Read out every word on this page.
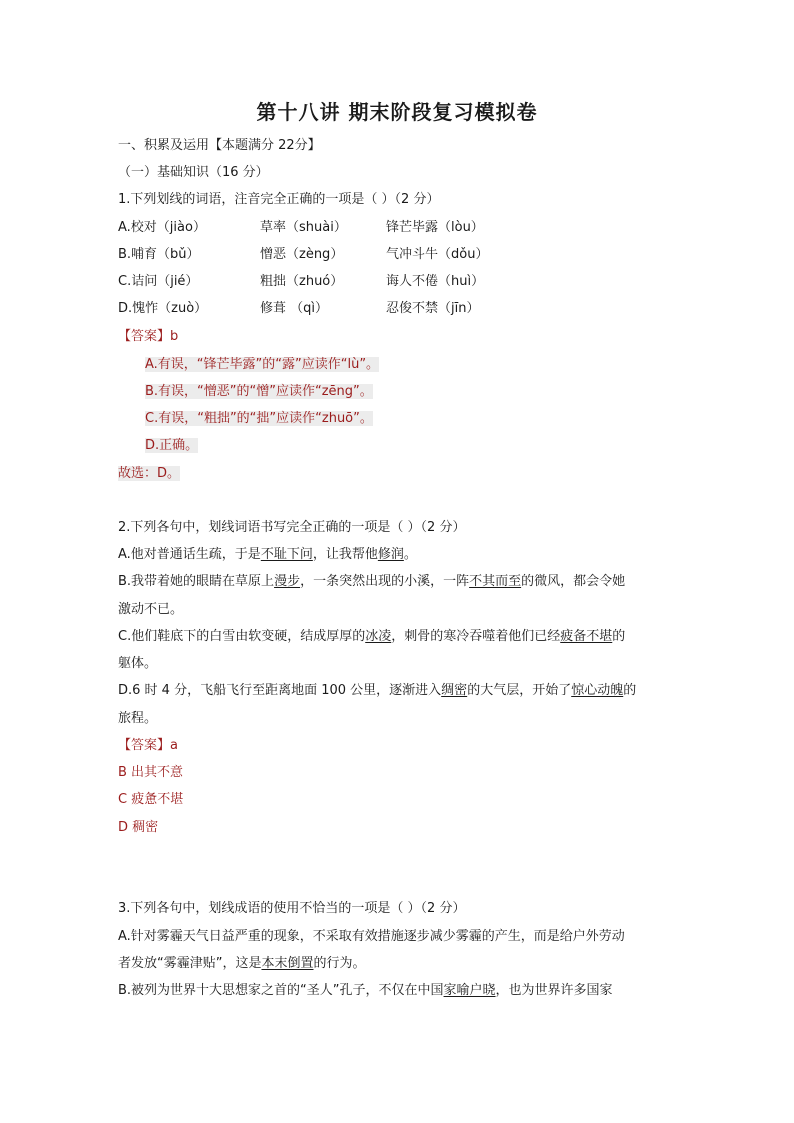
第十八讲 期末阶段复习模拟卷
一、积累及运用【本题满分 22分】
（一）基础知识（16 分）
1.下列划线的词语，注音完全正确的一项是（ ）（2 分）
A.校对（jiào）	草率（shuài）	锋芒毕露（lòu）
B.哺育（bǔ）	憎恶（zèng）	气冲斗牛（dǒu）
C.诘问（jié）	粗拙（zhuó）	诲人不倦（huì）
D.愧怍（zuò）	修葺 （qì）	忍俊不禁（jīn）
【答案】b
A.有误，“锋芒毕露”的“露”应读作“lù”。
B.有误，“憎恶”的“憎”应读作“zēng”。
C.有误，“粗拙”的“拙”应读作“zhuō”。
D.正确。
故选：D。
2.下列各句中，划线词语书写完全正确的一项是（ ）（2 分）
A.他对普通话生疏，于是不耻下问，让我帮他修润。
B.我带着她的眼睛在草原上漫步，一条突然出现的小溪，一阵不其而至的微风，都会令她
激动不已。
C.他们鞋底下的白雪由软变硬，结成厚厚的冰凌，刺骨的寒冷吞噬着他们已经疲备不堪的
躯体。
D.6 时 4 分，飞船飞行至距离地面 100 公里，逐渐进入绸密的大气层，开始了惊心动魄的
旅程。
【答案】a
B 出其不意
C 疲惫不堪
D 稠密
3.下列各句中，划线成语的使用不恰当的一项是（ ）（2 分）
A.针对雾霾天气日益严重的现象，不采取有效措施逐步减少雾霾的产生，而是给户外劳动
者发放“雾霾津贴”，这是本末倒置的行为。
B.被列为世界十大思想家之首的“圣人”孔子，不仅在中国家喻户晓，也为世界许多国家
